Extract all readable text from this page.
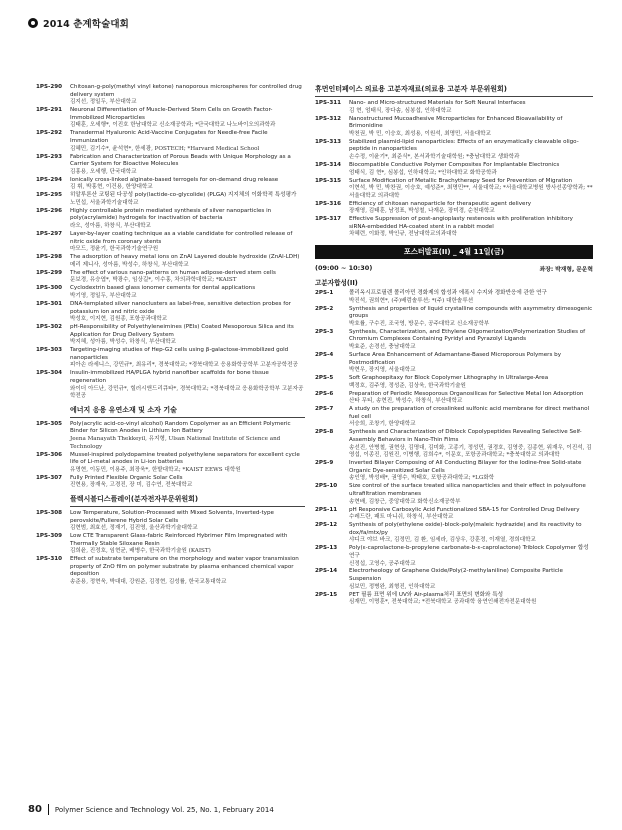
2014 춘계학술대회
1PS-290	Chitosan-g-poly(methyl vinyl ketone) nanoporous microspheres for controlled drug delivery system
김지선, 정일두, 부산대학교
1PS-291	Neuronal Differentiation of Muscle-Derived Stem Cells on Growth Factor-Immobilized Microparticles
김태훈, 오세행*, 이진호 한남대학교 신소재공학과; *단국대학교 나노바이오의과학과
1PS-292	Transdermal Hyaluronic Acid-Vaccine Conjugates for Needle-free Facile Immunization
김혜민, 김기수*, 윤석현*, 한세광, POSTECH; *Harvard Medical School
1PS-293	Fabrication and Characterization of Porous Beads with Unique Morphology as a Carrier System for Bioactive Molecules
김홍용, 오세행, 단국대학교
1PS-294	Ionically cross-linked alginate-based terrogels for on-demand drug release
김 휘, 박홍현, 이건용, 한양대학교
1PS-295	히알루론산 코팅된 다공성 poly(lactide-co-glycolide) (PLGA) 지지체의 이화학적 특성평가
노민섭, 서울과학기술대학교
1PS-296	Highly controllable protein mediated synthesis of silver nanoparticles in poly(acrylamide) hydrogels for inactivation of bacteria
라오, 성아름, 하창식, 부산대학교
1PS-297	Layer-by-layer coating technique as a viable candidate for controlled release of nitric oxide from coronary stents
마모드, 정윤기, 한국과학기술연구원
1PS-298	The adsorption of heavy metal ions on ZnAl Layered double hydroxide (ZnAl-LDH)
메리 제니사, 성아름, 박성수, 하창식, 부산대학교
1PS-299	The effect of various nano-patterns on human adipose-derived stem cells
문보경, 유승엽*, 박광수, 임상길*, 이수홍, 차의과학대학교; *KAIST
1PS-300	Cyclodextrin based glass ionomer cements for dental applications
박기영, 정일두, 부산대학교
1PS-301	DNA-templated silver nanoclusters as label-free, sensitive detection probes for potassium ion and nitric oxide
박성호, 이지현, 김원종, 포항공과대학교
1PS-302	pH-Responsibility of Polyethyleneimines (PEIs) Coated Mesoporous Silica and its Application for Drug Delivery System
박지혜, 성아름, 박성수, 하창식, 부산대학교
1PS-303	Targeting-imaging studies of Hep-G2 cells using β-galactose-immobilized gold nanoparticles
피아손 라세니스, 강민규*, 최유리*, 경북대학교; *경북대학교 응용화학공학부 고분자공학전공
1PS-304	Insulin-immobilized HA/PLGA hybrid nanofiber scaffolds for bone tissue regeneration
와이더 아드난, 강민규*, 힐러시앤드리큐타*, 경북대학교; *경북대학교 응용화학공학부 고분자공학전공
에너지 응용 유연소재 및 소자 기술
1PS-305	Poly(acrylic acid-co-vinyl alcohol) Random Copolymer as an Efficient Polymeric Binder for Silicon Anodes in Lithium Ion Battery
Jeena Manayath Thekkeyil, 유지형, Ulsan National Institute of Science and Technology
1PS-306	Mussel-inspired polydopamine treated polyethylene separators for excellent cycle life of Li-metal anodes in Li-ion batteries
유명현, 이동민, 이용주, 최장욱*, 한밭대학교; *KAIST EEWS 대학원
1PS-307	Fully Printed Flexible Organic Solar Cells
진현용, 장재욱, 고경진, 장 미, 김수연, 전북대학교
플렉시블디스플레이(분자전자부문위원회)
1PS-308	Low Temperature, Solution-Processed with Mixed Solvents, Inverted-type perovskite/Fullerene Hybrid Solar Cells
김현범, 최효선, 정재기, 김진영, 울산과학기술대학교
1PS-309	Low CTE Transparent Glass-fabric Reinforced Hybrimer Film Impregnated with Thermally Stable Siloxane Resin
김희윤, 진정호, 임현균, 배병수, 한국과학기술원 (KAIST)
1PS-310	Effect of substrate temperature on the morphology and water vapor transmission property of ZnO film on polymer substrate by plasma enhanced chemical vapor deposition
송준용, 정현욱, 박대대, 강원준, 김정현, 김성률, 한국교통대학교
휴먼인터페이스 의료용 고분자재료(의료용 고분자 부문위원회)
1PS-311	Nano- and Micro-structured Materials for Soft Neural Interfaces
김 현, 엄태식, 장다솜, 심봉섭, 인하대학교
1PS-312	Nanostructured Mucoadhesive Microparticles for Enhanced Bioavailability of Brimonidine
박천권, 박 민, 이승호, 최성용, 이원석, 최명민, 서울대학교
1PS-313	Stabilized plasmid-lipid nanoparticles: Effects of an enzymatically cleavable oligo-peptide in nanoparticles
손수정, 이윤기*, 최준식*, 본서과학기술대학원; *충남대학교 생화학과
1PS-314	Biocompatible Conductive Polymer Composites For Implantable Electronics
엄태식, 김 현*, 심봉섭, 인하대학교; *인하대학교 화학공학과
1PS-315	Surface Modification of Metallic Brachytherapy Seed for Prevention of Migration
이현석, 박 민, 박찬권, 이승호, 예성준*, 최명민**, 서울대학교; *서울대학교병원 방사선종양학과; **서울대학교 의과대학
1PS-316	Efficiency of chitosan nanoparticle for therapeutic agent delivery
장재영, 김태훈, 남정표, 박성철, 나재운, 장미경, 순천대학교
1PS-317	Effective Suppression of post-angioplasty restenosis with proliferation inhibitory siRNA-embedded HA-coated stent in a rabbit model
차혜련, 이화정, 박인규, 전남대학교의과대학
포스터발표(II) _ 4월 11일(금)
(09:00 ~ 10:30)	좌장: 박재형, 문운혁
고분자합성(II)
2PS-1	폴리옥시프로필렌 폴리아민 경화제의 합성과 에폭시 수지와 경화반응에 관한 연구
박진석, 권희현*, (주)배럼솔루션; *(주) 대한솔루션
2PS-2	Synthesis and properties of liquid crystalline compounds with asymmetry dimesogenic groups
박호률, 구수진, 조국영, 방문수, 공주대학교 신소재공학부
2PS-3	Synthesis, Characterization, and Ethylene Oligomerization/Polymerization Studies of Chromium Complexes Containing Pyridyl and Pyrazolyl Ligands
박효준, 손경선, 충남대학교
2PS-4	Surface Area Enhancement of Adamantane-Based Microporous Polymers by Postmodification
박현우, 장지영, 서울대학교
2PS-5	Soft Graphoepitaxy for Block Copolymer Lithography in Ultralarge-Area
백정호, 김주영, 정성준, 김상욱, 한국과학기술원
2PS-6	Preparation of Periodic Mesoporous Organosilicas for Selective Metal Ion Adsorption
산타 무티, 송현진, 박성수, 하창식, 부산대학교
2PS-7	A study on the preparation of crosslinked sulfonic acid membrane for direct methanol fuel cell
서승희, 조창기, 한양대학교
2PS-8	Synthesis and Characterization of Diblock Copolypeptides Revealing Selective Self-Assembly Behaviors in Nano-Thin Films
송선진, 안병철, 권현상, 김명대, 김미화, 고종기, 정성민, 권경호, 김영중, 김종현, 위재우, 이진석, 김영섭, 이종진, 김원진, 이병행, 김희수*, 이문호, 포항공과대학교; *충북대학교 의과대학
2PS-9	Inverted Bilayer Composing of All Conducting Bilayer for the Iodine-free Solid-state Organic Dye-sensitized Solar Cells
송인영, 박성배*, 권영수, 박태호, 포항공과대학교; *LG화학
2PS-10	Size control of the surface treated silica nanoparticles and their effect in polysulfone ultrafiltration membranes
송현배, 김창근, 중앙대학교 화학신소재공학부
2PS-11	pH Responsive Carboxylic Acid Functionalized SBA-15 for Controlled Drug Delivery
수레드란, 패트 마니쉬, 하창식, 부산대학교
2PS-12	Synthesis of poly(ethylene oxide)-block-poly(maleic hydrazide) and its reactivity to dox/fa/mtx/py
샤디크 야브 바크, 김정민, 김 환, 임세라, 김상우, 강훈정, 이재열, 경희대학교
2PS-13	Poly(ε-caprolactone-b-propylene carbonate-b-ε-caprolactone) Triblock Copolymer 합성연구
신정섭, 고영수, 공주대학교
2PS-14	Electrorheology of Graphene Oxide/Poly(2-methylaniline) Composite Particle Suspension
심보민, 정병완, 최형진, 인하대학교
2PS-15	PET 필름 표면 위에 UV와 Air-plasma처리 표면의 변화와 특성
심재민, 이명훈*, 전북대학교; *전북대학교 공과대학 융연인쇄전자전문대학원
80 Polymer Science and Technology Vol. 25, No. 1, February 2014
